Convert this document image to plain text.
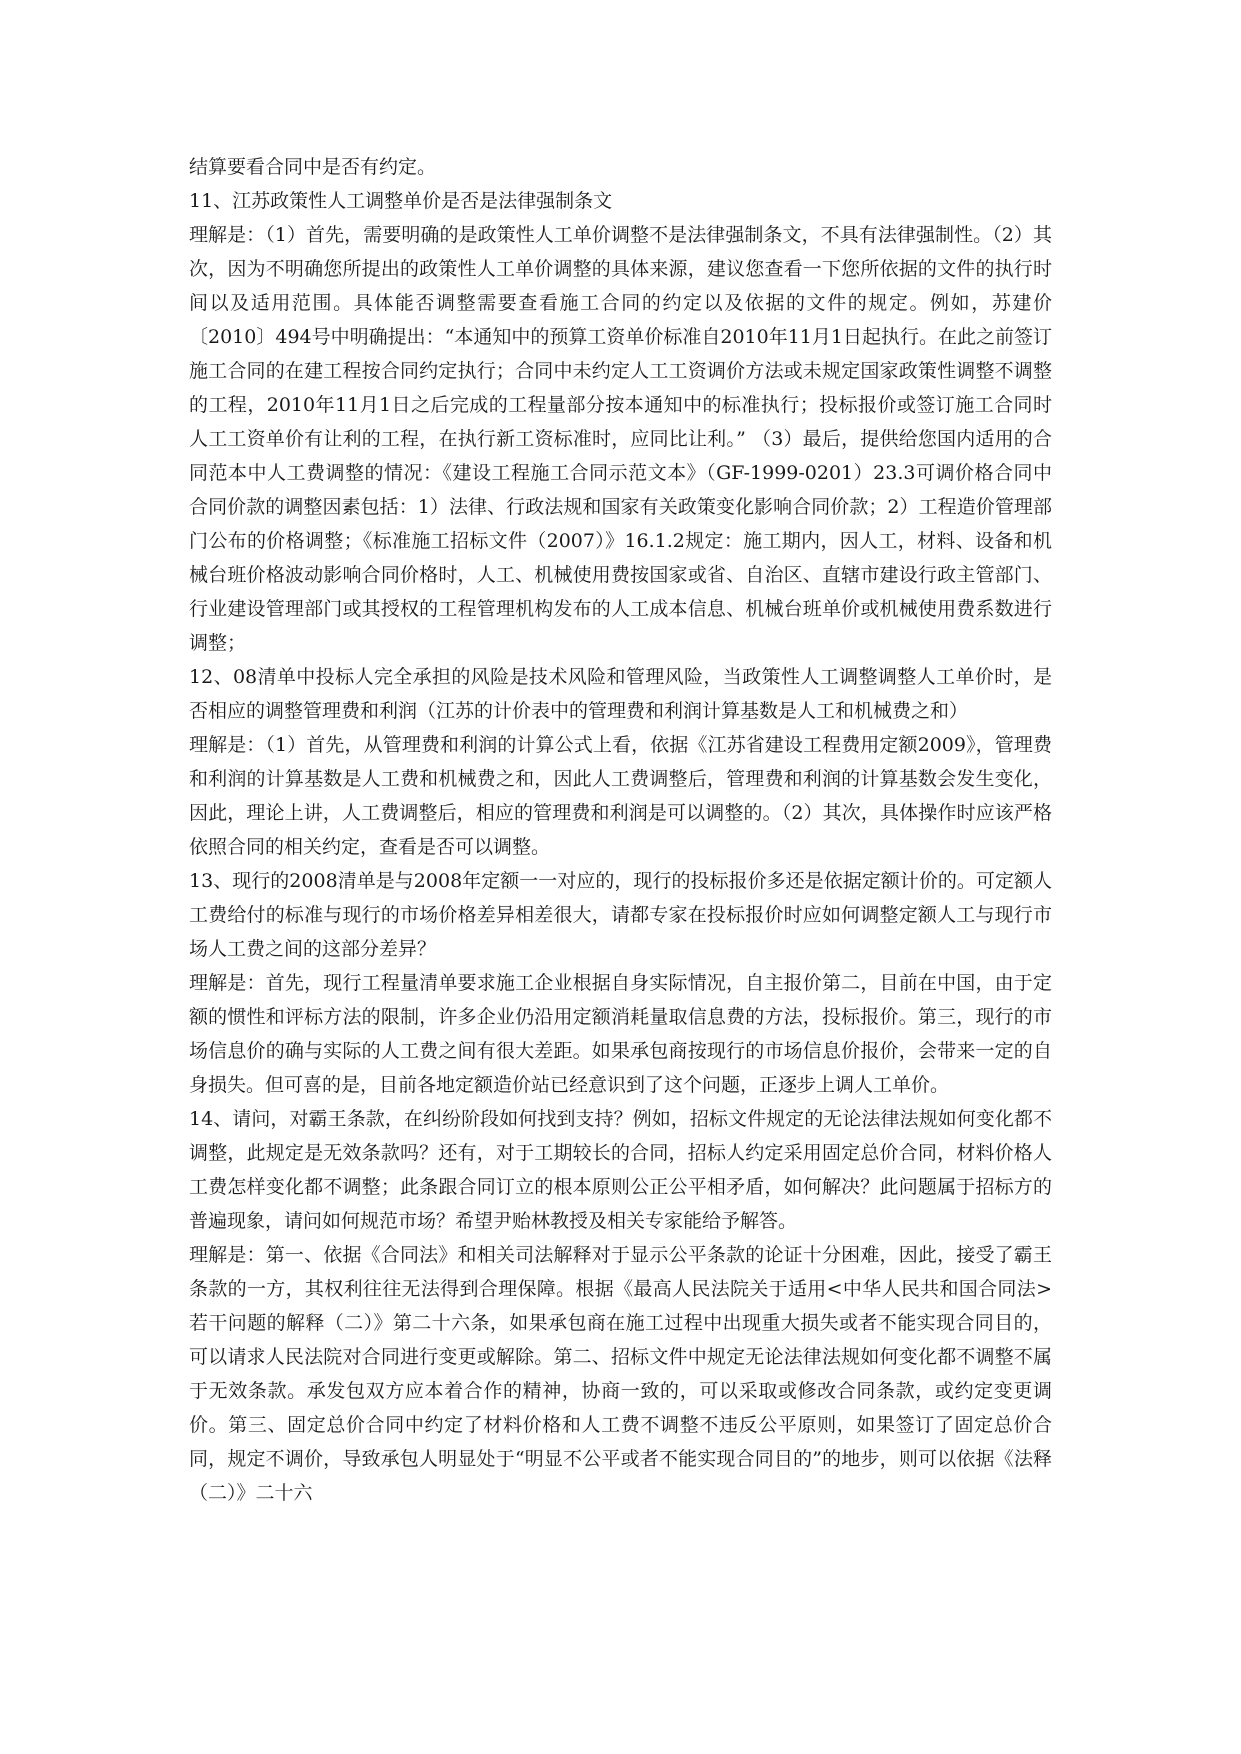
结算要看合同中是否有约定。

11、江苏政策性人工调整单价是否是法律强制条文

理解是：（1）首先，需要明确的是政策性人工单价调整不是法律强制条文，不具有法律强制性。（2）其次，因为不明确您所提出的政策性人工单价调整的具体来源，建议您查看一下您所依据的文件的执行时间以及适用范围。具体能否调整需要查看施工合同的约定以及依据的文件的规定。例如，苏建价〔2010〕494号中明确提出：“本通知中的预算工资单价标准自2010年11月1日起执行。在此之前签订施工合同的在建工程按合同约定执行；合同中未约定人工工资调价方法或未规定国家政策性调整不调整的工程，2010年11月1日之后完成的工程量部分按本通知中的标准执行；投标报价或签订施工合同时人工工资单价有让利的工程，在执行新工资标准时，应同比让利。” （3）最后，提供给您国内适用的合同范本中人工费调整的情况：《建设工程施工合同示范文本》（GF-1999-0201）23.3可调价格合同中合同价款的调整因素包括：1）法律、行政法规和国家有关政策变化影响合同价款；2）工程造价管理部门公布的价格调整；《标准施工招标文件（2007）》16.1.2规定：施工期内，因人工，材料、设备和机械台班价格波动影响合同价格时，人工、机械使用费按国家或省、自治区、直辖市建设行政主管部门、行业建设管理部门或其授权的工程管理机构发布的人工成本信息、机械台班单价或机械使用费系数进行调整；

12、08清单中投标人完全承担的风险是技术风险和管理风险，当政策性人工调整调整人工单价时，是否相应的调整管理费和利润（江苏的计价表中的管理费和利润计算基数是人工和机械费之和）

理解是：（1）首先，从管理费和利润的计算公式上看，依据《江苏省建设工程费用定额2009》，管理费和利润的计算基数是人工费和机械费之和，因此人工费调整后，管理费和利润的计算基数会发生变化，因此，理论上讲，人工费调整后，相应的管理费和利润是可以调整的。（2）其次，具体操作时应该严格依照合同的相关约定，查看是否可以调整。

13、现行的2008清单是与2008年定额一一对应的，现行的投标报价多还是依据定额计价的。可定额人工费给付的标准与现行的市场价格差异相差很大，请都专家在投标报价时应如何调整定额人工与现行市场人工费之间的这部分差异？

理解是：首先，现行工程量清单要求施工企业根据自身实际情况，自主报价第二，目前在中国，由于定额的惯性和评标方法的限制，许多企业仍沿用定额消耗量取信息费的方法，投标报价。第三，现行的市场信息价的确与实际的人工费之间有很大差距。如果承包商按现行的市场信息价报价，会带来一定的自身损失。但可喜的是，目前各地定额造价站已经意识到了这个问题，正逐步上调人工单价。

14、请问，对霸王条款，在纠纷阶段如何找到支持？例如，招标文件规定的无论法律法规如何变化都不调整，此规定是无效条款吗？还有，对于工期较长的合同，招标人约定采用固定总价合同，材料价格人工费怎样变化都不调整；此条跟合同订立的根本原则公正公平相矛盾，如何解决？此问题属于招标方的普遍现象，请问如何规范市场？希望尹贻林教授及相关专家能给予解答。

理解是：第一、依据《合同法》和相关司法解释对于显示公平条款的论证十分困难，因此，接受了霸王条款的一方，其权利往往无法得到合理保障。根据《最高人民法院关于适用<中华人民共和国合同法>若干问题的解释（二）》第二十六条，如果承包商在施工过程中出现重大损失或者不能实现合同目的，可以请求人民法院对合同进行变更或解除。第二、招标文件中规定无论法律法规如何变化都不调整不属于无效条款。承发包双方应本着合作的精神，协商一致的，可以采取或修改合同条款，或约定变更调价。第三、固定总价合同中约定了材料价格和人工费不调整不违反公平原则，如果签订了固定总价合同，规定不调价，导致承包人明显处于“明显不公平或者不能实现合同目的”的地步，则可以依据《法释（二）》二十六
